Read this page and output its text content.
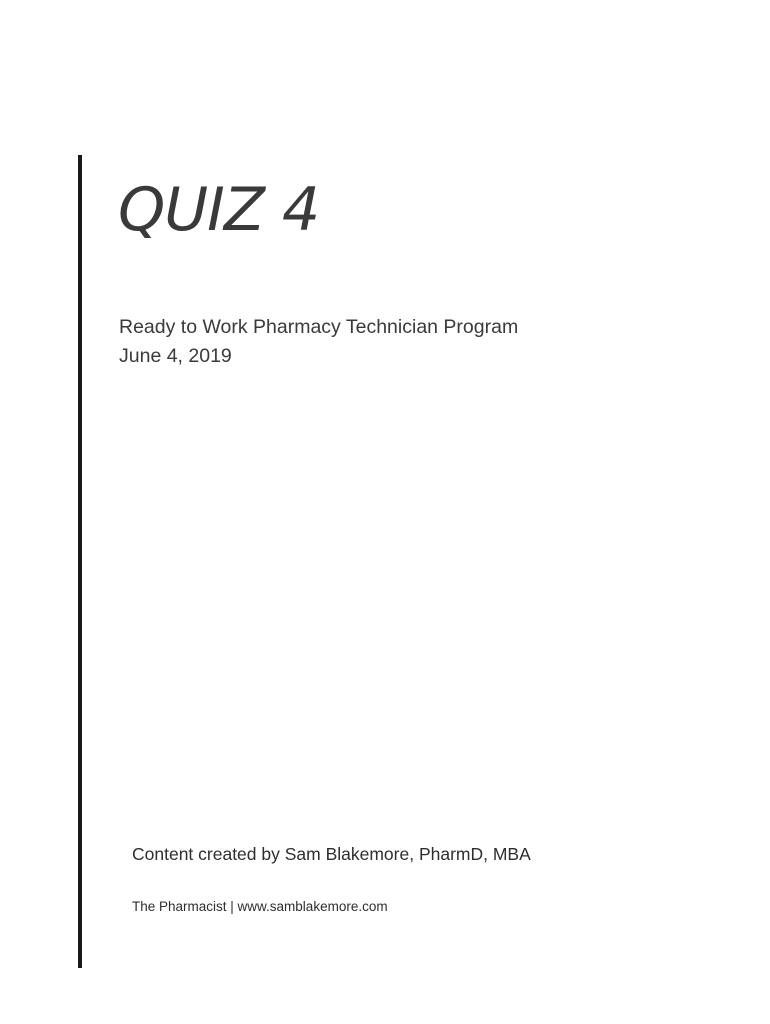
QUIZ 4
Ready to Work Pharmacy Technician Program
June 4, 2019
Content created by Sam Blakemore, PharmD, MBA
The Pharmacist | www.samblakemore.com
